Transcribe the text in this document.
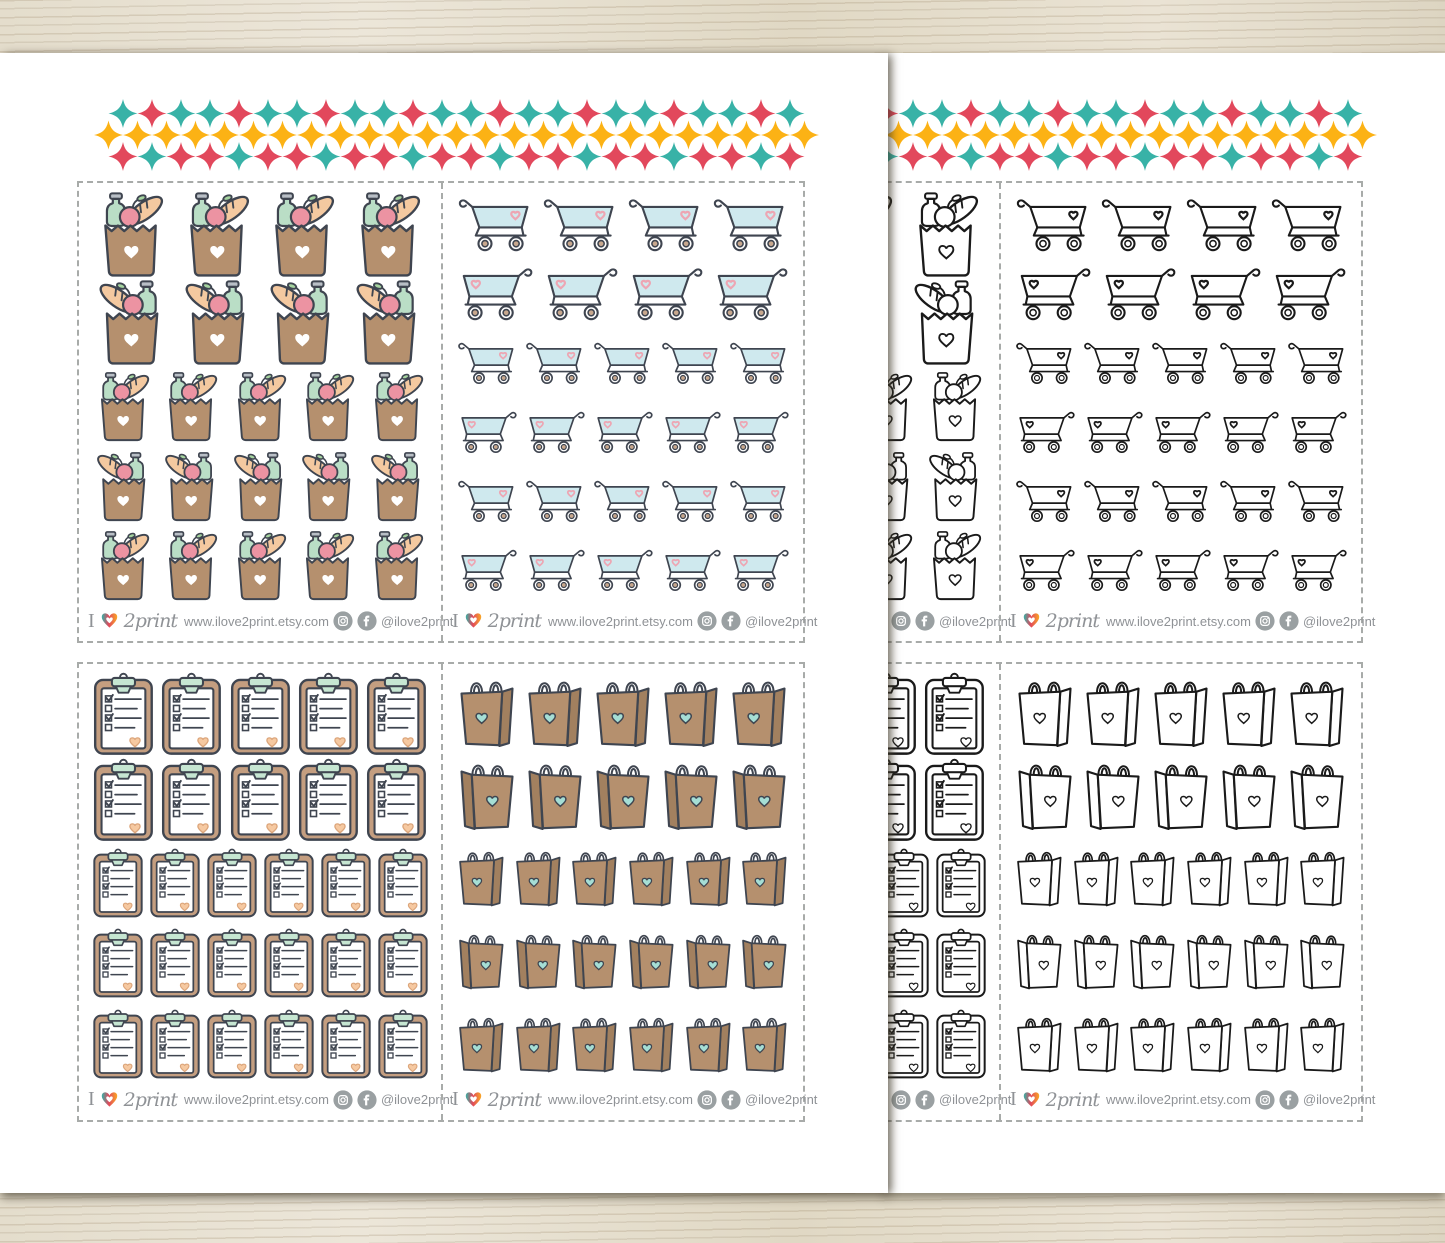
I 2print www.ilove2print.etsy.com	@ilove2print
I 2print www.ilove2print.etsy.com	@ilove2print
I 2print www.ilove2print.etsy.com	@ilove2print
I 2print www.ilove2print.etsy.com	@ilove2print
@ilove2print
I 2print www.ilove2print.etsy.com	@ilove2print
@ilove2print
I 2print www.ilove2print.etsy.com	@ilove2print
